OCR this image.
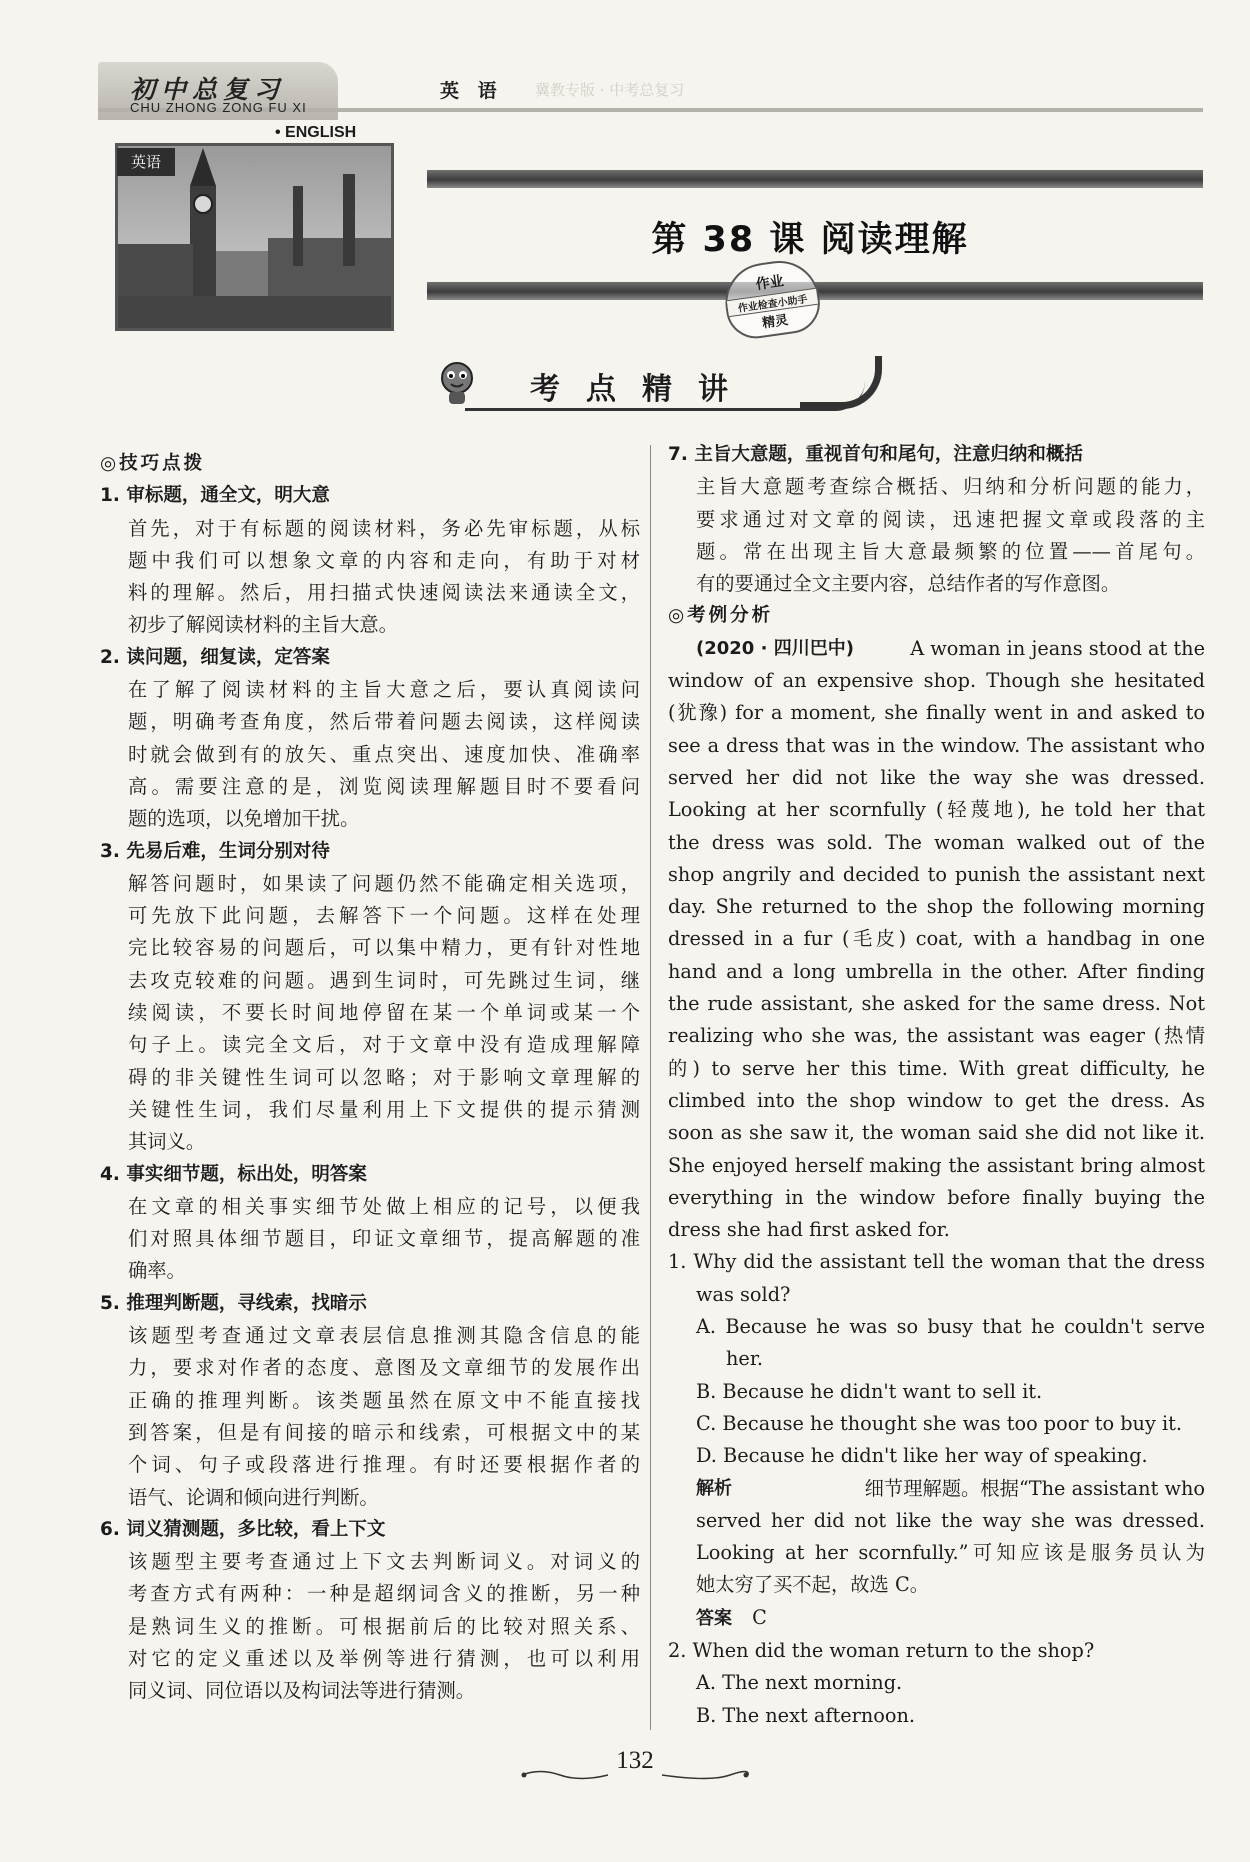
初中总复习
CHU ZHONG ZONG FU XI
英 语 冀教专版 · 中考总复习
• ENGLISH
英语
第 38 课 阅读理解
作业
作业检查小助手
精灵
考点精讲
◎技巧点拨
1. 审标题，通全文，明大意
首先，对于有标题的阅读材料，务必先审标题，从标
题中我们可以想象文章的内容和走向，有助于对材
料的理解。然后，用扫描式快速阅读法来通读全文，
初步了解阅读材料的主旨大意。
2. 读问题，细复读，定答案
在了解了阅读材料的主旨大意之后，要认真阅读问
题，明确考查角度，然后带着问题去阅读，这样阅读
时就会做到有的放矢、重点突出、速度加快、准确率
高。需要注意的是，浏览阅读理解题目时不要看问
题的选项，以免增加干扰。
3. 先易后难，生词分别对待
解答问题时，如果读了问题仍然不能确定相关选项，
可先放下此问题，去解答下一个问题。这样在处理
完比较容易的问题后，可以集中精力，更有针对性地
去攻克较难的问题。遇到生词时，可先跳过生词，继
续阅读，不要长时间地停留在某一个单词或某一个
句子上。读完全文后，对于文章中没有造成理解障
碍的非关键性生词可以忽略；对于影响文章理解的
关键性生词，我们尽量利用上下文提供的提示猜测
其词义。
4. 事实细节题，标出处，明答案
在文章的相关事实细节处做上相应的记号，以便我
们对照具体细节题目，印证文章细节，提高解题的准
确率。
5. 推理判断题，寻线索，找暗示
该题型考查通过文章表层信息推测其隐含信息的能
力，要求对作者的态度、意图及文章细节的发展作出
正确的推理判断。该类题虽然在原文中不能直接找
到答案，但是有间接的暗示和线索，可根据文中的某
个词、句子或段落进行推理。有时还要根据作者的
语气、论调和倾向进行判断。
6. 词义猜测题，多比较，看上下文
该题型主要考查通过上下文去判断词义。对词义的
考查方式有两种：一种是超纲词含义的推断，另一种
是熟词生义的推断。可根据前后的比较对照关系、
对它的定义重述以及举例等进行猜测，也可以利用
同义词、同位语以及构词法等进行猜测。
7. 主旨大意题，重视首句和尾句，注意归纳和概括
主旨大意题考查综合概括、归纳和分析问题的能力，
要求通过对文章的阅读，迅速把握文章或段落的主
题。常在出现主旨大意最频繁的位置——首尾句。
有的要通过全文主要内容，总结作者的写作意图。
◎考例分析
(2020 · 四川巴中)	A woman in jeans stood at the
window of an expensive shop. Though she hesitated
(犹豫) for a moment, she finally went in and asked to
see a dress that was in the window. The assistant who
served her did not like the way she was dressed.
Looking at her scornfully (轻蔑地), he told her that
the dress was sold. The woman walked out of the
shop angrily and decided to punish the assistant next
day. She returned to the shop the following morning
dressed in a fur (毛皮) coat, with a handbag in one
hand and a long umbrella in the other. After finding
the rude assistant, she asked for the same dress. Not
realizing who she was, the assistant was eager (热情
的) to serve her this time. With great difficulty, he
climbed into the shop window to get the dress. As
soon as she saw it, the woman said she did not like it.
She enjoyed herself making the assistant bring almost
everything in the window before finally buying the
dress she had first asked for.
1. Why did the assistant tell the woman that the dress
was sold?
A. Because he was so busy that he couldn't serve
her.
B. Because he didn't want to sell it.
C. Because he thought she was too poor to buy it.
D. Because he didn't like her way of speaking.
解析	细节理解题。根据“The assistant who
served her did not like the way she was dressed.
Looking at her scornfully.”可知应该是服务员认为
她太穷了买不起，故选 C。
答案 C
2. When did the woman return to the shop?
A. The next morning.
B. The next afternoon.
132
